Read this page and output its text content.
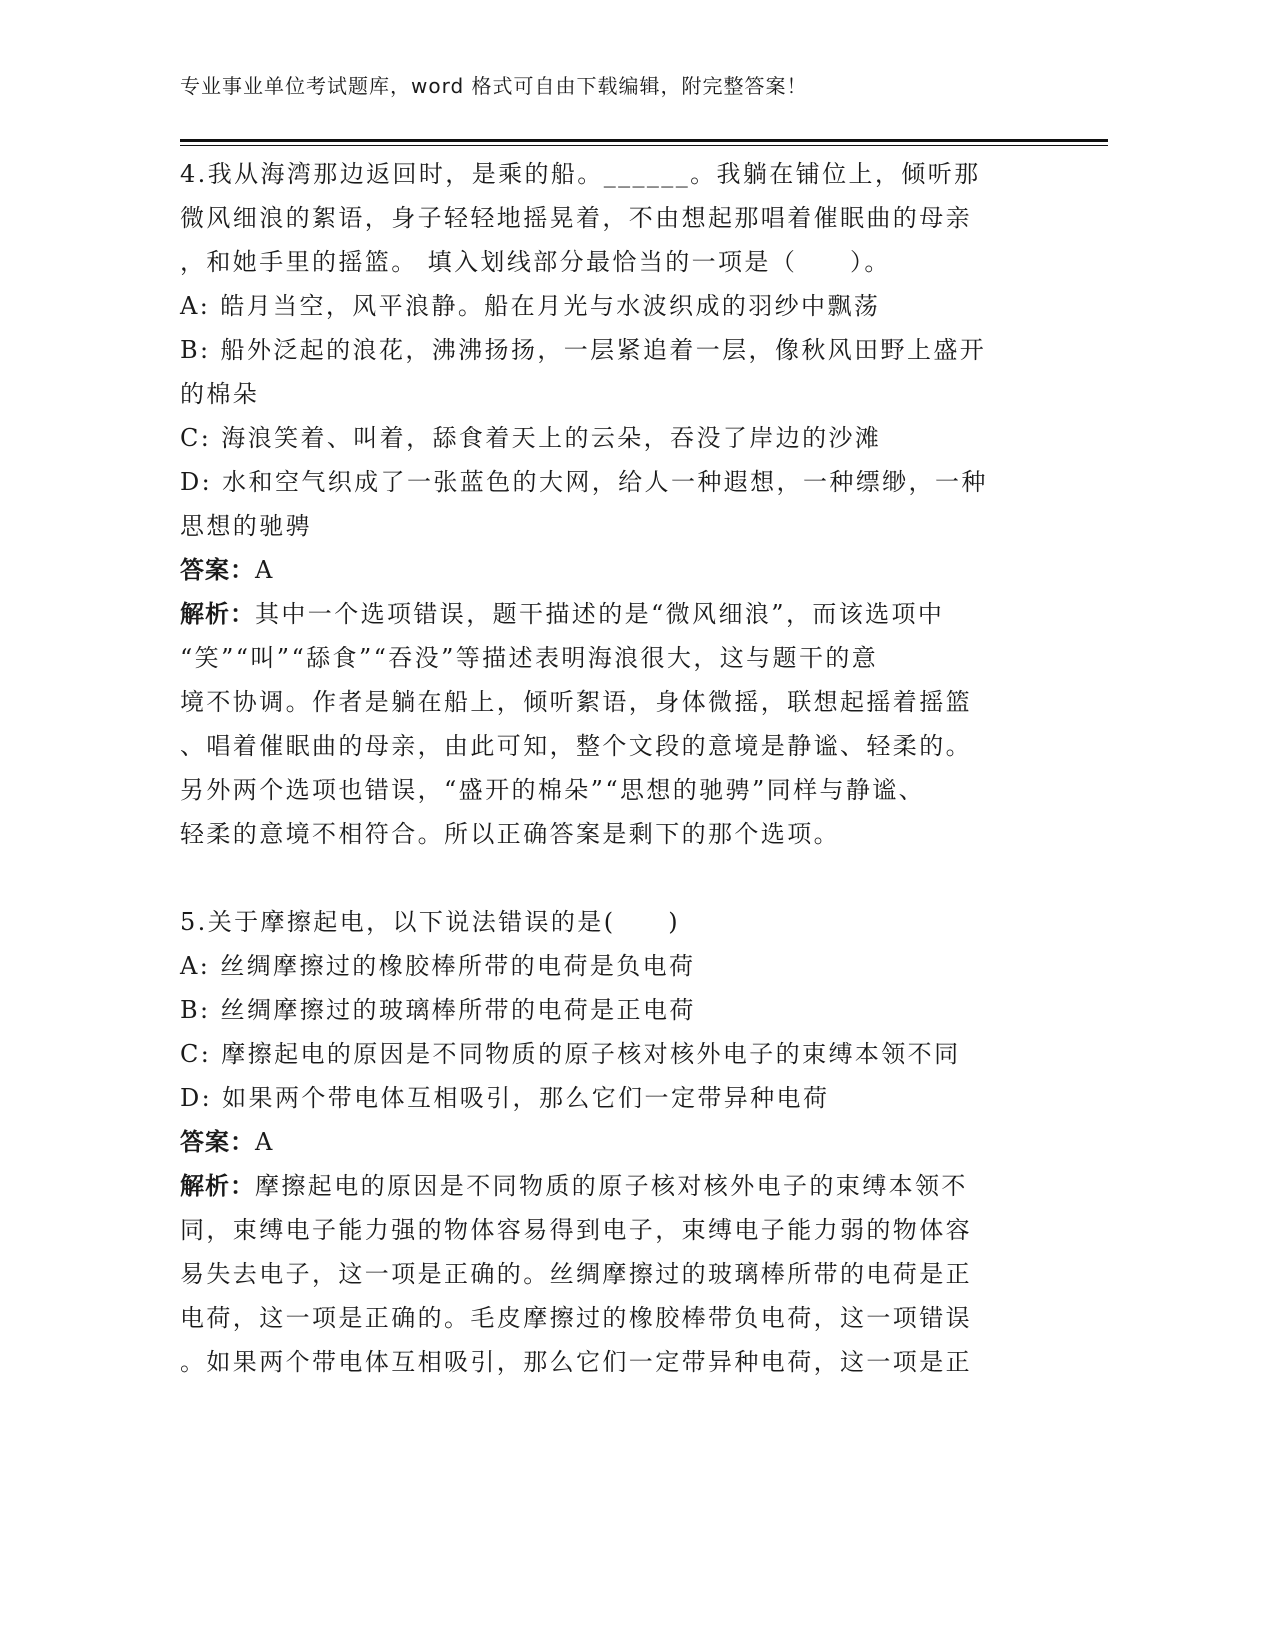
专业事业单位考试题库，word 格式可自由下载编辑，附完整答案！
4.我从海湾那边返回时，是乘的船。______。我躺在铺位上，倾听那
微风细浪的絮语，身子轻轻地摇晃着，不由想起那唱着催眠曲的母亲
，和她手里的摇篮。 填入划线部分最恰当的一项是（　　）。
A: 皓月当空，风平浪静。船在月光与水波织成的羽纱中飘荡
B: 船外泛起的浪花，沸沸扬扬，一层紧追着一层，像秋风田野上盛开
的棉朵
C: 海浪笑着、叫着，舔食着天上的云朵，吞没了岸边的沙滩
D: 水和空气织成了一张蓝色的大网，给人一种遐想，一种缥缈，一种
思想的驰骋
答案：A
解析：其中一个选项错误，题干描述的是“微风细浪”，而该选项中
“笑”“叫”“舔食”“吞没”等描述表明海浪很大，这与题干的意
境不协调。作者是躺在船上，倾听絮语，身体微摇，联想起摇着摇篮
、唱着催眠曲的母亲，由此可知，整个文段的意境是静谧、轻柔的。
另外两个选项也错误，“盛开的棉朵”“思想的驰骋”同样与静谧、
轻柔的意境不相符合。所以正确答案是剩下的那个选项。
5.关于摩擦起电，以下说法错误的是(　　)
A: 丝绸摩擦过的橡胶棒所带的电荷是负电荷
B: 丝绸摩擦过的玻璃棒所带的电荷是正电荷
C: 摩擦起电的原因是不同物质的原子核对核外电子的束缚本领不同
D: 如果两个带电体互相吸引，那么它们一定带异种电荷
答案：A
解析：摩擦起电的原因是不同物质的原子核对核外电子的束缚本领不
同，束缚电子能力强的物体容易得到电子，束缚电子能力弱的物体容
易失去电子，这一项是正确的。丝绸摩擦过的玻璃棒所带的电荷是正
电荷，这一项是正确的。毛皮摩擦过的橡胶棒带负电荷，这一项错误
。如果两个带电体互相吸引，那么它们一定带异种电荷，这一项是正
